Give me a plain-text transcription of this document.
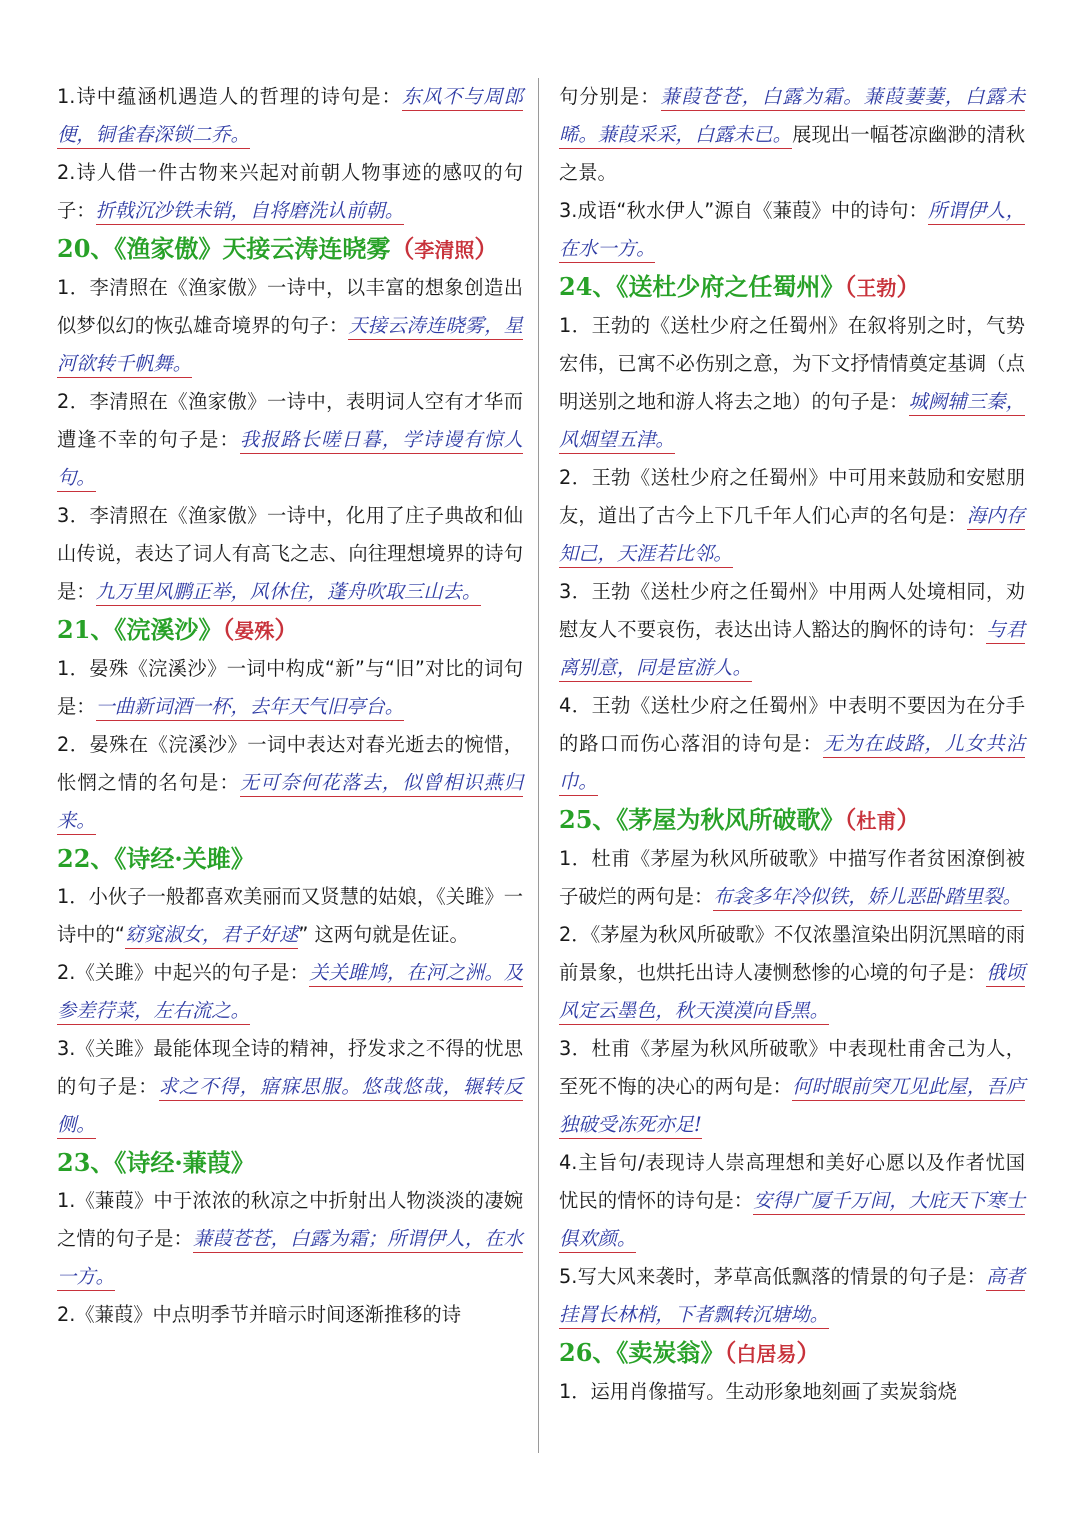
1.诗中蕴涵机遇造人的哲理的诗句是：东风不与周郎便，铜雀春深锁二乔。

2.诗人借一件古物来兴起对前朝人物事迹的感叹的句子：折戟沉沙铁未销，自将磨洗认前朝。

20、《渔家傲》天接云涛连晓雾（李清照）

1．李清照在《渔家傲》一诗中，以丰富的想象创造出似梦似幻的恢弘雄奇境界的句子：天接云涛连晓雾，星河欲转千帆舞。

2．李清照在《渔家傲》一诗中，表明词人空有才华而遭逢不幸的句子是：我报路长嗟日暮，学诗谩有惊人句。

3．李清照在《渔家傲》一诗中，化用了庄子典故和仙山传说，表达了词人有高飞之志、向往理想境界的诗句是：九万里风鹏正举，风休住，蓬舟吹取三山去。

21、《浣溪沙》（晏殊）

1．晏殊《浣溪沙》一词中构成“新”与“旧”对比的词句是：一曲新词酒一杯，去年天气旧亭台。

2．晏殊在《浣溪沙》一词中表达对春光逝去的惋惜，怅惘之情的名句是：无可奈何花落去，似曾相识燕归来。

22、《诗经·关雎》

1．小伙子一般都喜欢美丽而又贤慧的姑娘，《关雎》一诗中的“窈窕淑女，君子好逑” 这两句就是佐证。

2.《关雎》中起兴的句子是：关关雎鸠，在河之洲。及参差荇菜，左右流之。

3.《关雎》最能体现全诗的精神，抒发求之不得的忧思的句子是：求之不得，寤寐思服。悠哉悠哉，辗转反侧。

23、《诗经·蒹葭》

1.《蒹葭》中于浓浓的秋凉之中折射出人物淡淡的凄婉之情的句子是：蒹葭苍苍，白露为霜；所谓伊人，在水一方。

2.《蒹葭》中点明季节并暗示时间逐渐推移的诗

句分别是：蒹葭苍苍，白露为霜。蒹葭萋萋，白露未晞。蒹葭采采，白露未已。展现出一幅苍凉幽渺的清秋之景。

3.成语“秋水伊人”源自《蒹葭》中的诗句：所谓伊人，在水一方。

24、《送杜少府之任蜀州》（王勃）

1．王勃的《送杜少府之任蜀州》在叙将别之时，气势宏伟，已寓不必伤别之意，为下文抒情情奠定基调（点明送别之地和游人将去之地）的句子是：城阙辅三秦，风烟望五津。

2．王勃《送杜少府之任蜀州》中可用来鼓励和安慰朋友，道出了古今上下几千年人们心声的名句是：海内存知己，天涯若比邻。

3．王勃《送杜少府之任蜀州》中用两人处境相同，劝慰友人不要哀伤，表达出诗人豁达的胸怀的诗句：与君离别意，同是宦游人。

4．王勃《送杜少府之任蜀州》中表明不要因为在分手的路口而伤心落泪的诗句是：无为在歧路，儿女共沾巾。

25、《茅屋为秋风所破歌》（杜甫）

1．杜甫《茅屋为秋风所破歌》中描写作者贫困潦倒被子破烂的两句是：布衾多年冷似铁，娇儿恶卧踏里裂。

2．《茅屋为秋风所破歌》不仅浓墨渲染出阴沉黑暗的雨前景象，也烘托出诗人凄恻愁惨的心境的句子是：俄顷风定云墨色，秋天漠漠向昏黑。

3．杜甫《茅屋为秋风所破歌》中表现杜甫舍己为人，至死不悔的决心的两句是：何时眼前突兀见此屋，吾庐独破受冻死亦足!

4.主旨句/表现诗人崇高理想和美好心愿以及作者忧国忧民的情怀的诗句是：安得广厦千万间，大庇天下寒士俱欢颜。

5.写大风来袭时，茅草高低飘落的情景的句子是：高者挂罥长林梢，下者飘转沉塘坳。

26、《卖炭翁》（白居易）

1．运用肖像描写。生动形象地刻画了卖炭翁烧
